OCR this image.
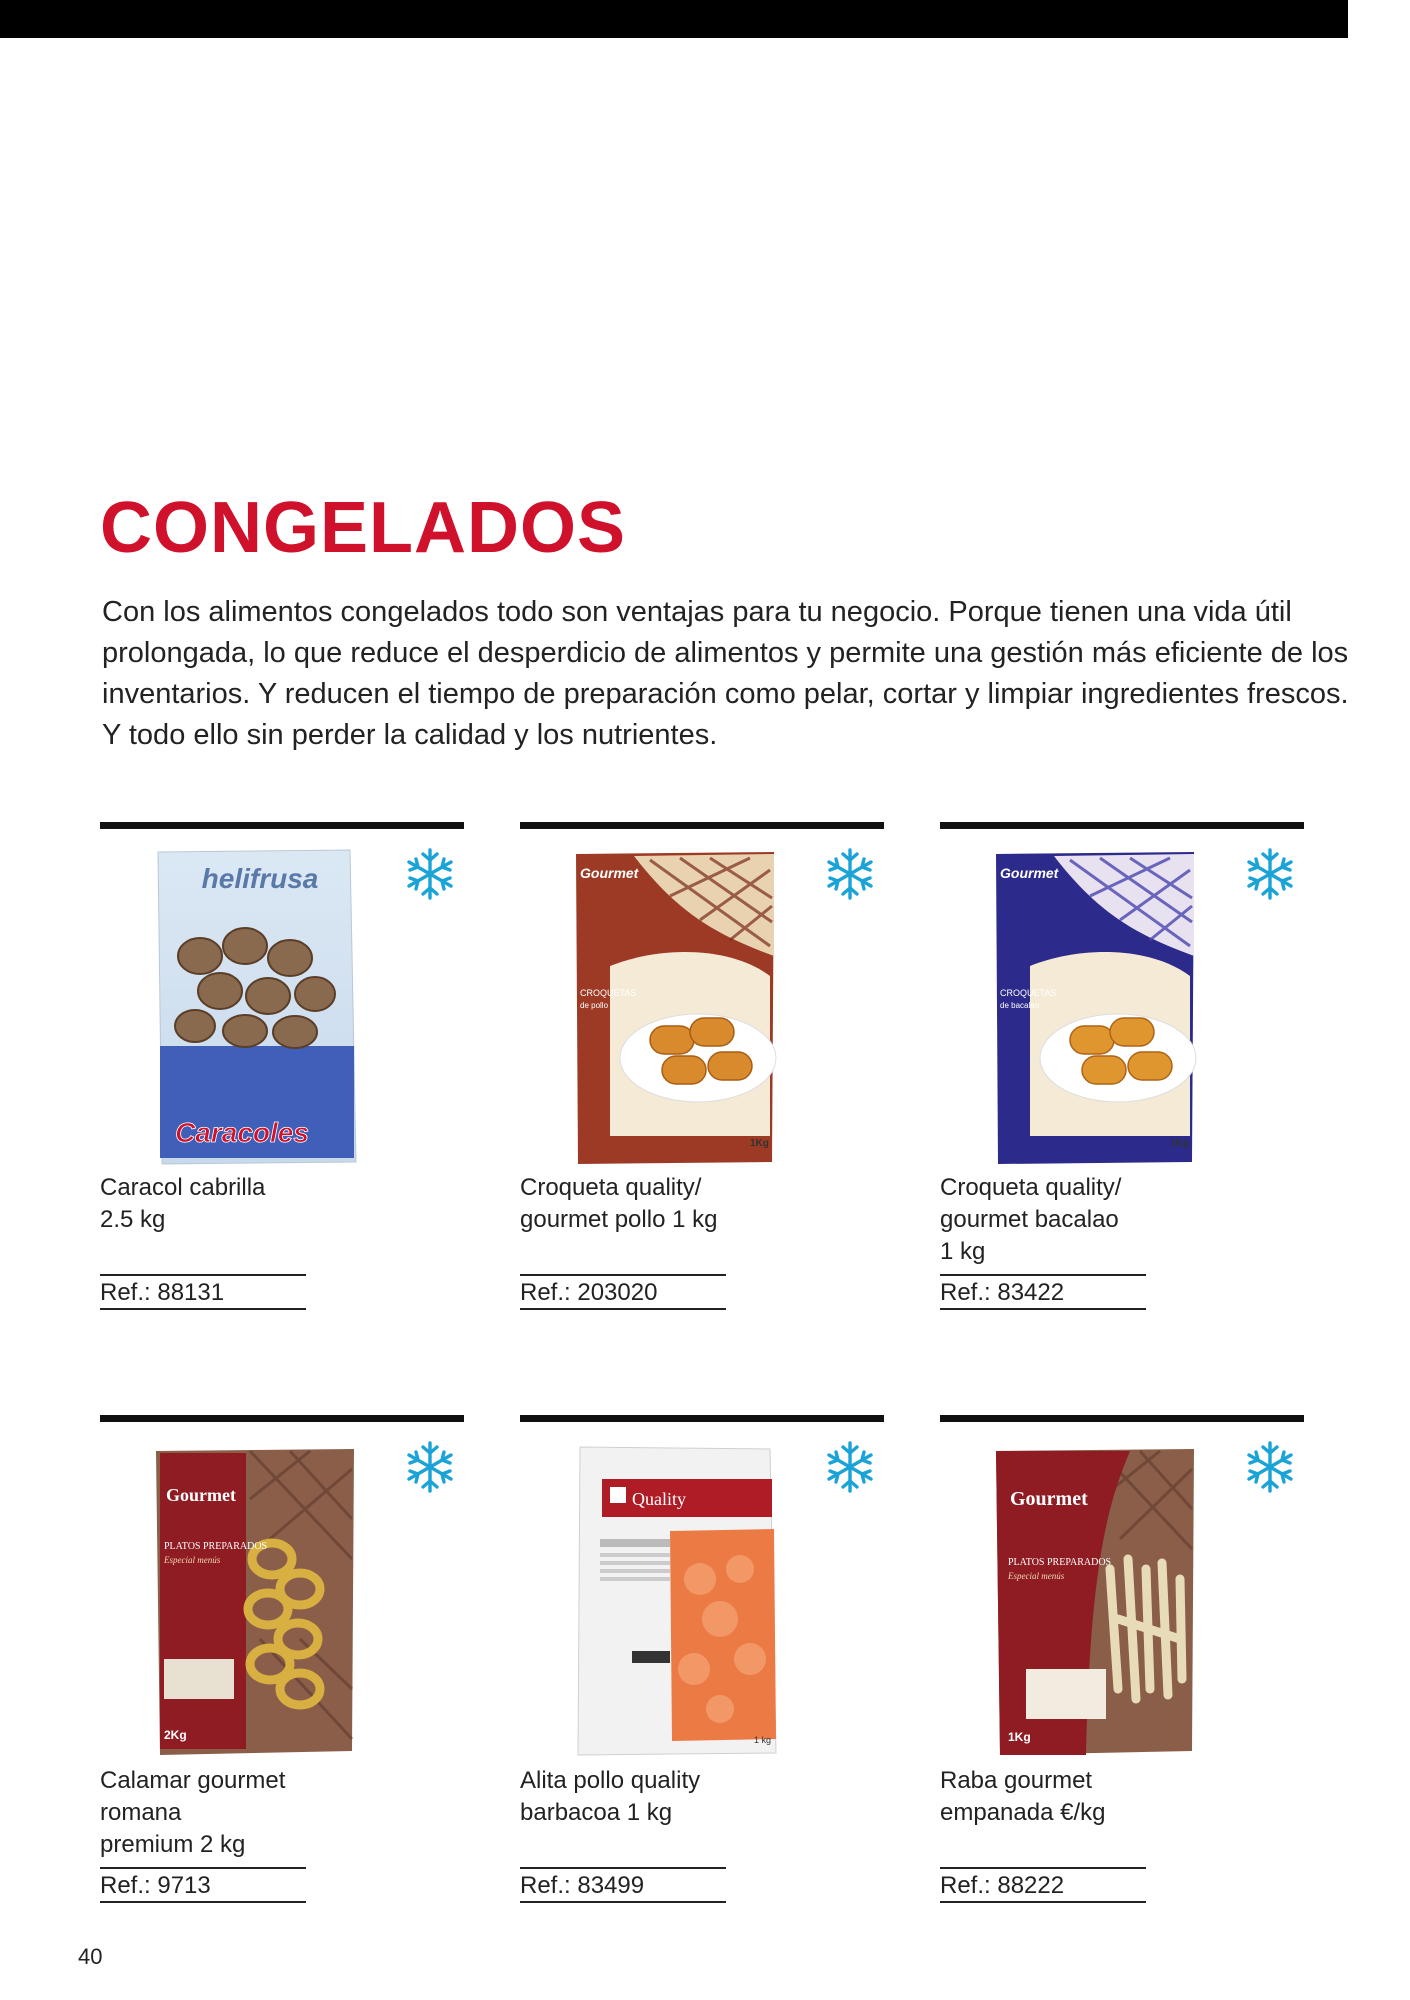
CONGELADOS

Con los alimentos congelados todo son ventajas para tu negocio. Porque tienen una vida útil prolongada, lo que reduce el desperdicio de alimentos y permite una gestión más eficiente de los inventarios. Y reducen el tiempo de preparación como pelar, cortar y limpiar ingredientes frescos. Y todo ello sin perder la calidad y los nutrientes.

helifrusa
Caracoles

Caracol cabrilla
2.5 kg

Ref.: 88131
Gourmet
CROQUETAS
de pollo
1Kg

Croqueta quality/
gourmet pollo 1 kg

Ref.: 203020
Gourmet
CROQUETAS
de bacalao
1Kg

Croqueta quality/
gourmet bacalao
1 kg

Ref.: 83422
Gourmet
PLATOS PREPARADOS
Especial menús
2Kg

Calamar gourmet
romana
premium 2 kg

Ref.: 9713
Quality
1 kg

Alita pollo quality
barbacoa 1 kg

Ref.: 83499
Gourmet
PLATOS PREPARADOS
Especial menús
1Kg

Raba gourmet
empanada €/kg

Ref.: 88222
40
